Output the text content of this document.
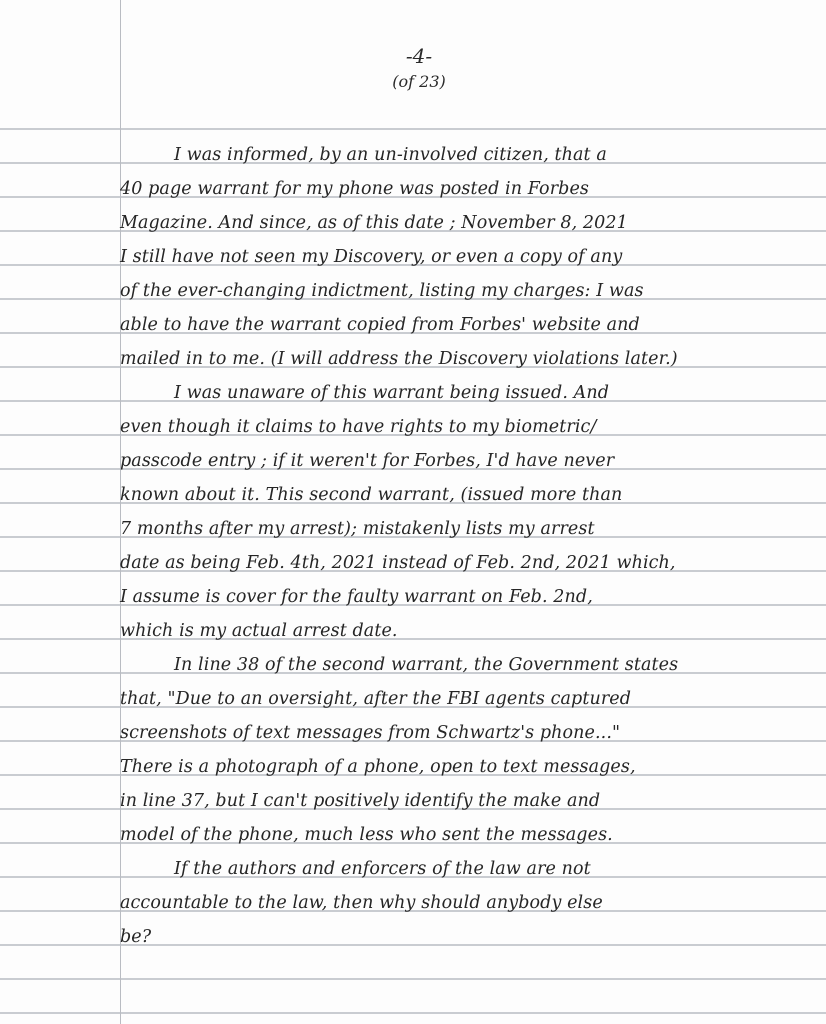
-4-
(of 23)
I was informed, by an un-involved citizen, that a
40 page warrant for my phone was posted in Forbes
Magazine. And since, as of this date ; November 8, 2021
I still have not seen my Discovery, or even a copy of any
of the ever-changing indictment, listing my charges: I was
able to have the warrant copied from Forbes' website and
mailed in to me. (I will address the Discovery violations later.)
I was unaware of this warrant being issued. And
even though it claims to have rights to my biometric/
passcode entry ; if it weren't for Forbes, I'd have never
known about it. This second warrant, (issued more than
7 months after my arrest); mistakenly lists my arrest
date as being Feb. 4th, 2021 instead of Feb. 2nd, 2021 which,
I assume is cover for the faulty warrant on Feb. 2nd,
which is my actual arrest date.
In line 38 of the second warrant, the Government states
that, "Due to an oversight, after the FBI agents captured
screenshots of text messages from Schwartz's phone..."
There is a photograph of a phone, open to text messages,
in line 37, but I can't positively identify the make and
model of the phone, much less who sent the messages.
If the authors and enforcers of the law are not
accountable to the law, then why should anybody else
be?
